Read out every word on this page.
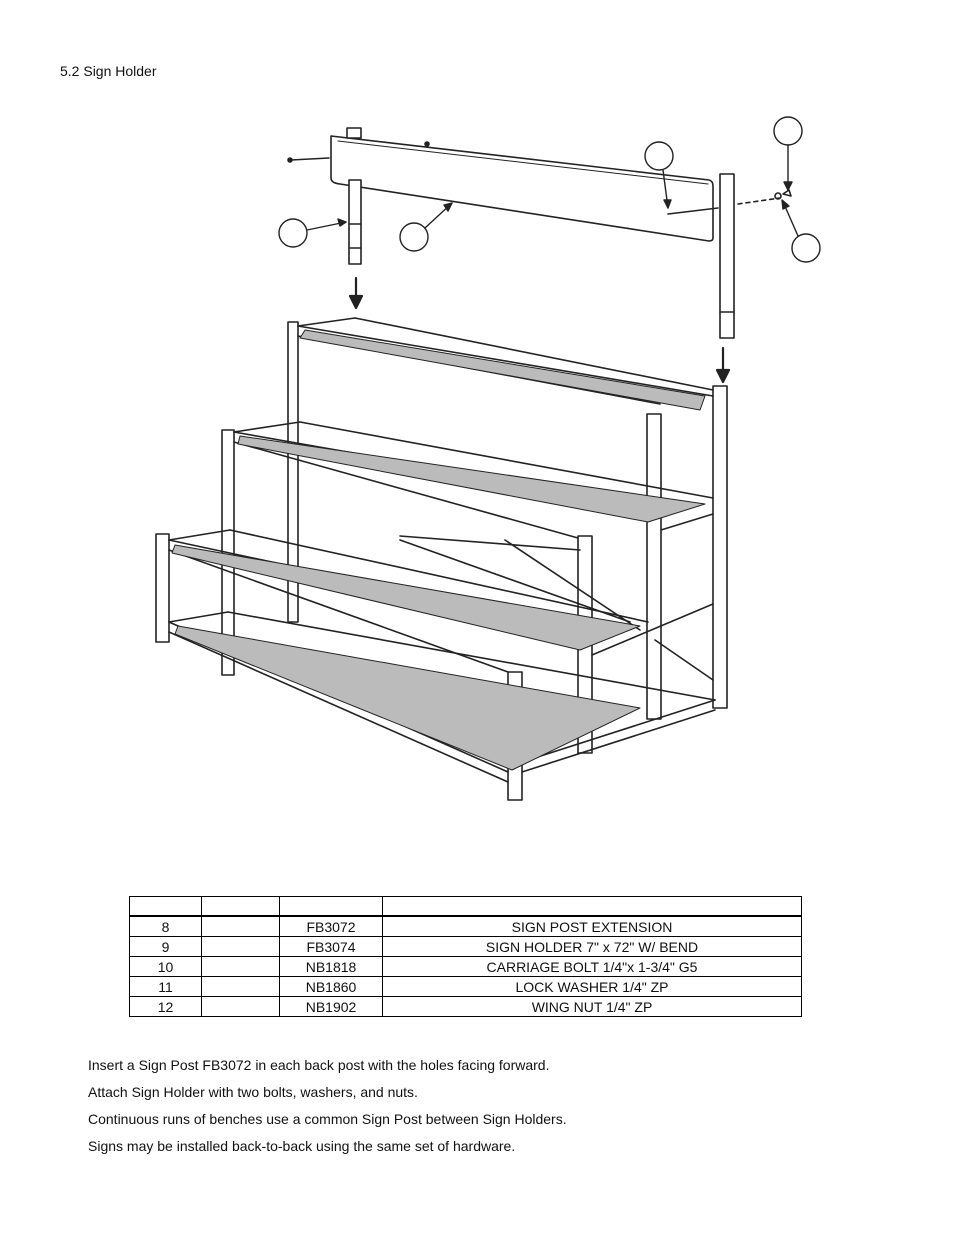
5.2 Sign Holder

8		FB3072	SIGN POST EXTENSION
9		FB3074	SIGN HOLDER 7" x 72" W/ BEND
10		NB1818	CARRIAGE BOLT 1/4"x 1-3/4" G5
11		NB1860	LOCK WASHER 1/4" ZP
12		NB1902	WING NUT 1/4" ZP
Insert a Sign Post FB3072 in each back post with the holes facing forward.
Attach Sign Holder with two bolts, washers, and nuts.
Continuous runs of benches use a common Sign Post between Sign Holders.
Signs may be installed back-to-back using the same set of hardware.
